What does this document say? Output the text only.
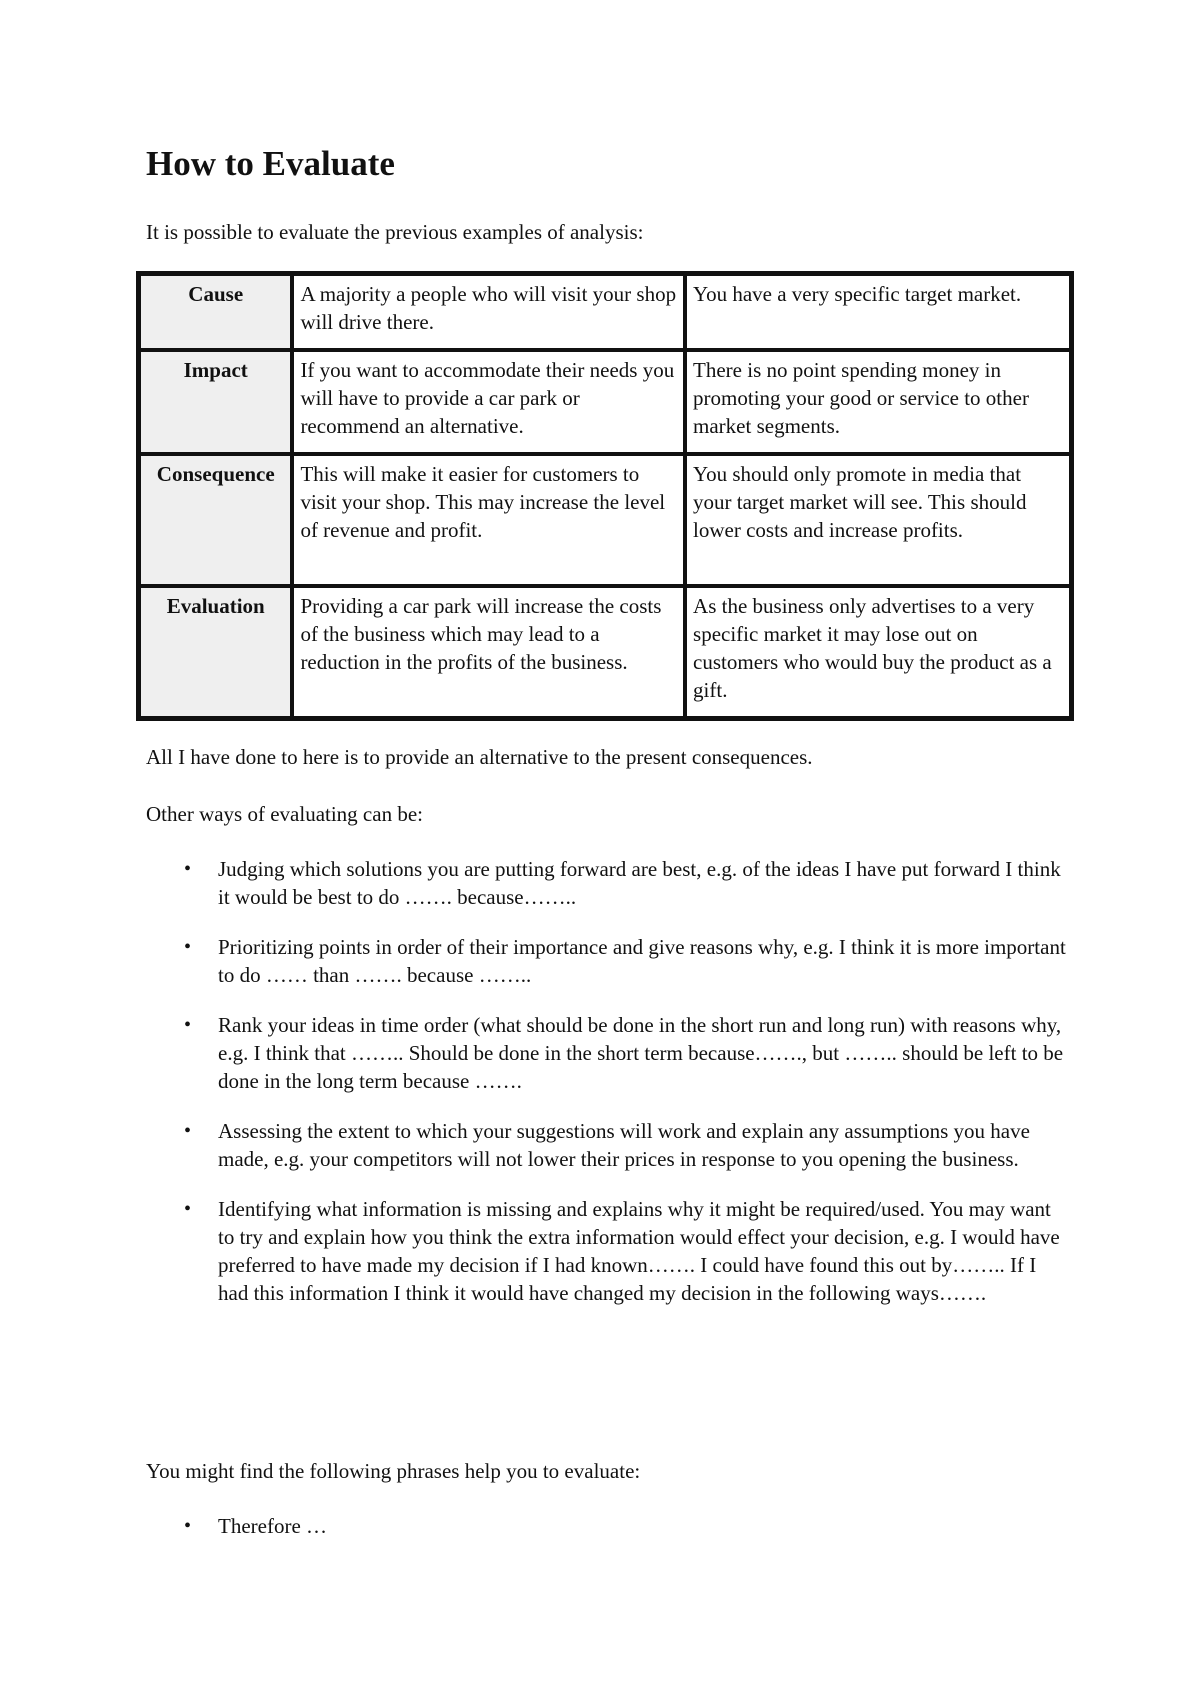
How to Evaluate

It is possible to evaluate the previous examples of analysis:

Cause	A majority a people who will visit your shop will drive there.	You have a very specific target market.
Impact	If you want to accommodate their needs you will have to provide a car park or recommend an alternative.	There is no point spending money in promoting your good or service to other market segments.
Consequence	This will make it easier for customers to visit your shop. This may increase the level of revenue and profit.	You should only promote in media that your target market will see. This should lower costs and increase profits.
Evaluation	Providing a car park will increase the costs of the business which may lead to a reduction in the profits of the business.	As the business only advertises to a very specific market it may lose out on customers who would buy the product as a gift.

All I have done to here is to provide an alternative to the present consequences.

Other ways of evaluating can be:

• Judging which solutions you are putting forward are best, e.g. of the ideas I have put forward I think it would be best to do ……. because……..
• Prioritizing points in order of their importance and give reasons why, e.g. I think it is more important to do …… than ……. because ……..
• Rank your ideas in time order (what should be done in the short run and long run) with reasons why, e.g. I think that …….. Should be done in the short term because……., but …….. should be left to be done in the long term because …….
• Assessing the extent to which your suggestions will work and explain any assumptions you have made, e.g. your competitors will not lower their prices in response to you opening the business.
• Identifying what information is missing and explains why it might be required/used. You may want to try and explain how you think the extra information would effect your decision, e.g. I would have preferred to have made my decision if I had known……. I could have found this out by…….. If I had this information I think it would have changed my decision in the following ways…….

You might find the following phrases help you to evaluate:

• Therefore …
